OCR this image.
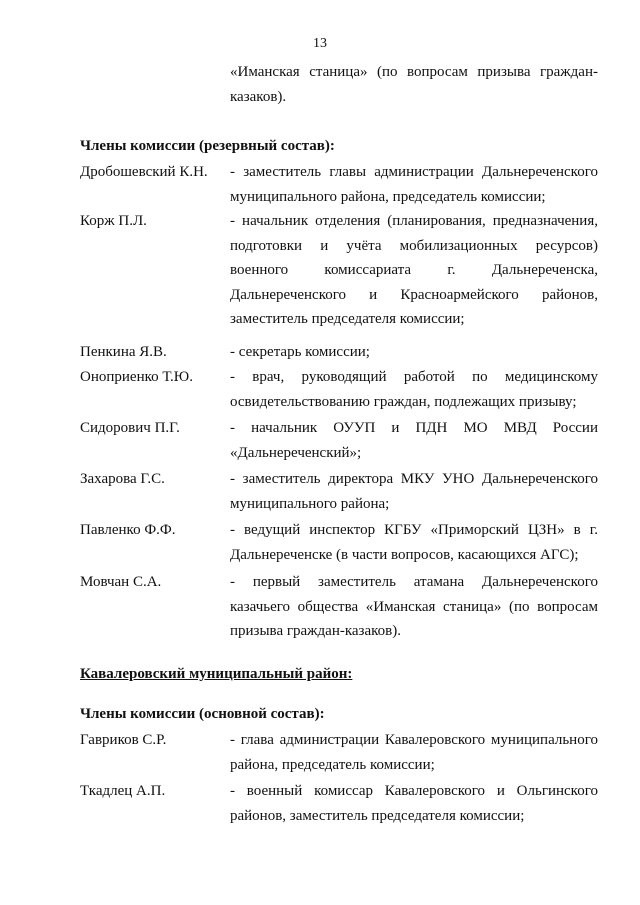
13
«Иманская станица» (по вопросам призыва граждан-
казаков).
Члены комиссии (резервный состав):
Дробошевский К.Н.	- заместитель главы администрации Дальнереченского муниципального района, председатель комиссии;
Корж П.Л.	- начальник отделения (планирования, предназначения, подготовки и учёта мобилизационных ресурсов) военного комиссариата г. Дальнереченска, Дальнереченского и Красноармейского районов, заместитель председателя комиссии;
Пенкина Я.В.	- секретарь комиссии;
Оноприенко Т.Ю.	- врач, руководящий работой по медицинскому освидетельствованию граждан, подлежащих призыву;
Сидорович П.Г.	- начальник ОУУП и ПДН МО МВД России «Дальнереченский»;
Захарова Г.С.	- заместитель директора МКУ УНО Дальнереченского муниципального района;
Павленко Ф.Ф.	- ведущий инспектор КГБУ «Приморский ЦЗН» в г. Дальнереченске (в части вопросов, касающихся АГС);
Мовчан С.А.	- первый заместитель атамана Дальнереченского казачьего общества «Иманская станица» (по вопросам призыва граждан-казаков).
Кавалеровский муниципальный район:
Члены комиссии (основной состав):
Гавриков С.Р.	- глава администрации Кавалеровского муниципального района, председатель комиссии;
Ткадлец А.П.	- военный комиссар Кавалеровского и Ольгинского районов, заместитель председателя комиссии;
